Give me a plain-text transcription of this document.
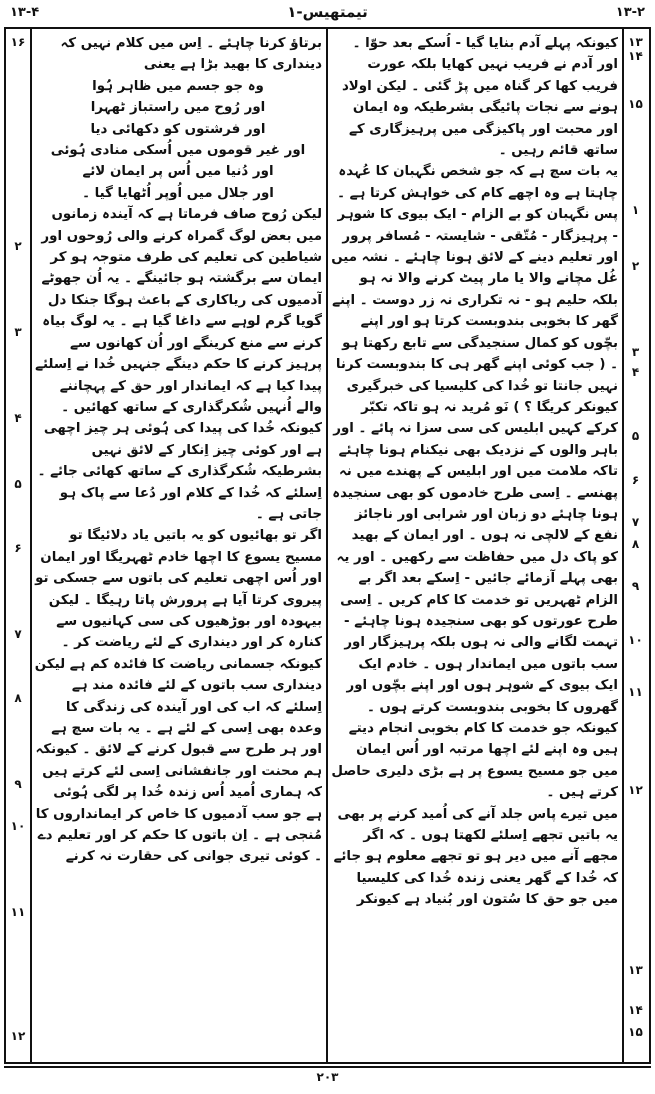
۱۳-۴	۱-تیمتھیس	۱۳-۲
۱۶
۲
۳
۴
۵
۶
۷
۸
۹
۱۰
۱۱
۱۲

برتاؤ کرنا چاہئے ۔ اِس میں کلام نہیں کہ دینداری کا بھید بڑا ہے یعنی

وہ جو جسم میں ظاہر ہُوا

اور رُوح میں راستباز ٹھہرا

اور فرشتوں کو دکھائی دیا

اور غیر قوموں میں اُسکی منادی ہُوئی

اور دُنیا میں اُس پر ایمان لائے

اور جلال میں اُوپر اُٹھایا گیا ۔

لیکن رُوح صاف فرماتا ہے کہ آیندہ زمانوں میں بعض لوگ گمراہ کرنے والی رُوحوں اور شیاطین کی تعلیم کی طرف متوجہ ہو کر ایمان سے برگشتہ ہو جائینگے ۔ یہ اُن جھوٹے آدمیوں کی ریاکاری کے باعث ہوگا جنکا دل گویا گرم لوہے سے داغا گیا ہے ۔ یہ لوگ بیاہ کرنے سے منع کرینگے اور اُن کھانوں سے پرہیز کرنے کا حکم دینگے جنہیں خُدا نے اِسلئے پیدا کیا ہے کہ ایماندار اور حق کے پہچاننے والے اُنہیں شُکرگذاری کے ساتھ کھائیں ۔ کیونکہ خُدا کی پیدا کی ہُوئی ہر چیز اچھی ہے اور کوئی چیز اِنکار کے لائق نہیں بشرطیکہ شُکرگذاری کے ساتھ کھائی جائے ۔ اِسلئے کہ خُدا کے کلام اور دُعا سے پاک ہو جاتی ہے ۔

اگر تو بھائیوں کو یہ باتیں یاد دلائیگا تو مسیح یسوع کا اچھا خادم ٹھہریگا اور ایمان اور اُس اچھی تعلیم کی باتوں سے جسکی تو پیروی کرتا آیا ہے پرورش پاتا رہیگا ۔ لیکن بیہودہ اور بوڑھیوں کی سی کہانیوں سے کنارہ کر اور دینداری کے لئے ریاضت کر ۔ کیونکہ جسمانی ریاضت کا فائدہ کم ہے لیکن دینداری سب باتوں کے لئے فائدہ مند ہے اِسلئے کہ اب کی اور آیندہ کی زندگی کا وعدہ بھی اِسی کے لئے ہے ۔ یہ بات سچ ہے اور ہر طرح سے قبول کرنے کے لائق ۔ کیونکہ ہم محنت اور جانفشانی اِسی لئے کرتے ہیں کہ ہماری اُمید اُس زندہ خُدا پر لگی ہُوئی ہے جو سب آدمیوں کا خاص کر ایمانداروں کا مُنجی ہے ۔ اِن باتوں کا حکم کر اور تعلیم دے ۔ کوئی تیری جوانی کی حقارت نہ کرنے

کیونکہ پہلے آدم بنایا گیا - اُسکے بعد حوّا ۔ اور آدم نے فریب نہیں کھایا بلکہ عورت فریب کھا کر گناہ میں پڑ گئی ۔ لیکن اولاد ہونے سے نجات پائیگی بشرطیکہ وہ ایمان اور محبت اور پاکیزگی میں پرہیزگاری کے ساتھ قائم رہیں ۔

یہ بات سچ ہے کہ جو شخص نگہبان کا عُہدہ چاہتا ہے وہ اچھے کام کی خواہش کرتا ہے ۔ پس نگہبان کو بے الزام - ایک بیوی کا شوہر - پرہیزگار - مُتّقی - شایستہ - مُسافر پرور اور تعلیم دینے کے لائق ہونا چاہئے ۔ نشہ میں غُل مچانے والا یا مار پیٹ کرنے والا نہ ہو بلکہ حلیم ہو - نہ تکراری نہ زر دوست ۔ اپنے گھر کا بخوبی بندوبست کرتا ہو اور اپنے بچّوں کو کمال سنجیدگی سے تابع رکھتا ہو ۔ ( جب کوئی اپنے گھر ہی کا بندوبست کرنا نہیں جانتا تو خُدا کی کلیسیا کی خبرگیری کیونکر کریگا ؟ ) نَو مُرید نہ ہو تاکہ تکبّر کرکے کہیں ابلیس کی سی سزا نہ پائے ۔ اور باہر والوں کے نزدیک بھی نیکنام ہونا چاہئے تاکہ ملامت میں اور ابلیس کے پھندے میں نہ پھنسے ۔ اِسی طرح خادموں کو بھی سنجیدہ ہونا چاہئے دو زبان اور شرابی اور ناجائز نفع کے لالچی نہ ہوں ۔ اور ایمان کے بھید کو پاک دل میں حفاظت سے رکھیں ۔ اور یہ بھی پہلے آزمائے جائیں - اِسکے بعد اگر بے الزام ٹھہریں تو خدمت کا کام کریں ۔ اِسی طرح عورتوں کو بھی سنجیدہ ہونا چاہئے - تہمت لگانے والی نہ ہوں بلکہ پرہیزگار اور سب باتوں میں ایماندار ہوں ۔ خادم ایک ایک بیوی کے شوہر ہوں اور اپنے بچّوں اور گھروں کا بخوبی بندوبست کرتے ہوں ۔ کیونکہ جو خدمت کا کام بخوبی انجام دیتے ہیں وہ اپنے لئے اچھا مرتبہ اور اُس ایمان میں جو مسیح یسوع پر ہے بڑی دلیری حاصل کرتے ہیں ۔

میں تیرے پاس جلد آنے کی اُمید کرنے پر بھی یہ باتیں تجھے اِسلئے لکھتا ہوں ۔ کہ اگر مجھے آنے میں دیر ہو تو تجھے معلوم ہو جائے کہ خُدا کے گھر یعنی زندہ خُدا کی کلیسیا میں جو حق کا سُتون اور بُنیاد ہے کیونکر

۱۳
۱۴
۱۵
۱
۲
۳
۴
۵
۶
۷
۸
۹
۱۰
۱۱
۱۲
۱۳
۱۴
۱۵
۲۰۳
